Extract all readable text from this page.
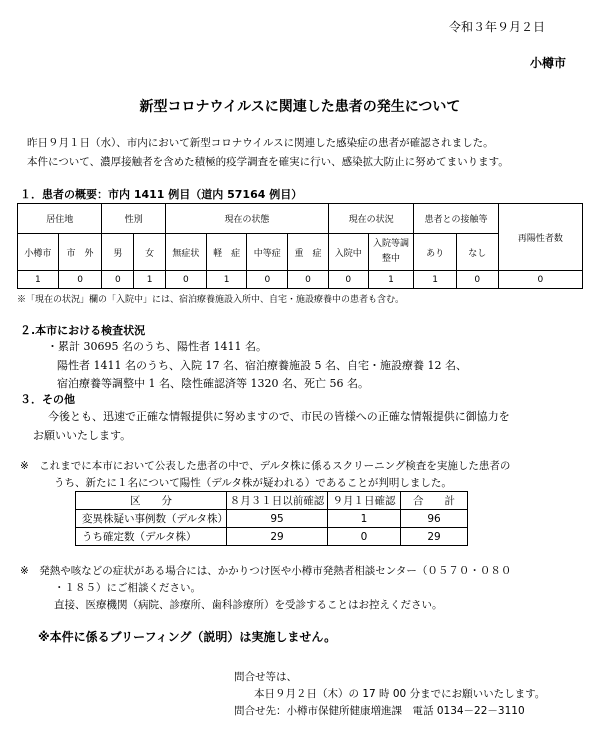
令和３年９月２日
小樽市
新型コロナウイルスに関連した患者の発生について
昨日９月１日（水）、市内において新型コロナウイルスに関連した感染症の患者が確認されました。
本件について、濃厚接触者を含めた積極的疫学調査を確実に行い、感染拡大防止に努めてまいります。
１．患者の概要：市内 1411 例目（道内 57164 例目）
居住地		性別		現在の状態				現在の状況		患者との接触等		再陽性者数
小樽市	市　外	男	女	無症状	軽　症	中等症	重　症	入院中	入院等調整中	あり	なし	
1	0	0	1	0	1	0	0	0	1	1	0	0
※「現在の状況」欄の「入院中」には、宿泊療養施設入所中、自宅・施設療養中の患者も含む。
２.本市における検査状況
・累計 30695 名のうち、陽性者 1411 名。
陽性者 1411 名のうち、入院 17 名、宿泊療養施設 5 名、自宅・施設療養 12 名、
宿泊療養等調整中 1 名、陰性確認済等 1320 名、死亡 56 名。
３．その他
今後とも、迅速で正確な情報提供に努めますので、市民の皆様への正確な情報提供に御協力を
お願いいたします。
※　これまでに本市において公表した患者の中で、デルタ株に係るスクリーニング検査を実施した患者の
うち、新たに１名について陽性（デルタ株が疑われる）であることが判明しました。
区　　分	８月３１日以前確認	９月１日確認	合　　計
変異株疑い事例数（デルタ株）	95	1	96
うち確定数（デルタ株）	29	0	29
※　発熱や咳などの症状がある場合には、かかりつけ医や小樽市発熱者相談センター（０５７０・０８０
・１８５）にご相談ください。
直接、医療機関（病院、診療所、歯科診療所）を受診することはお控えください。
※本件に係るブリーフィング（説明）は実施しません。
問合せ等は、
本日９月２日（木）の 17 時 00 分までにお願いいたします。
問合せ先：小樽市保健所健康増進課　電話 0134－22－3110
